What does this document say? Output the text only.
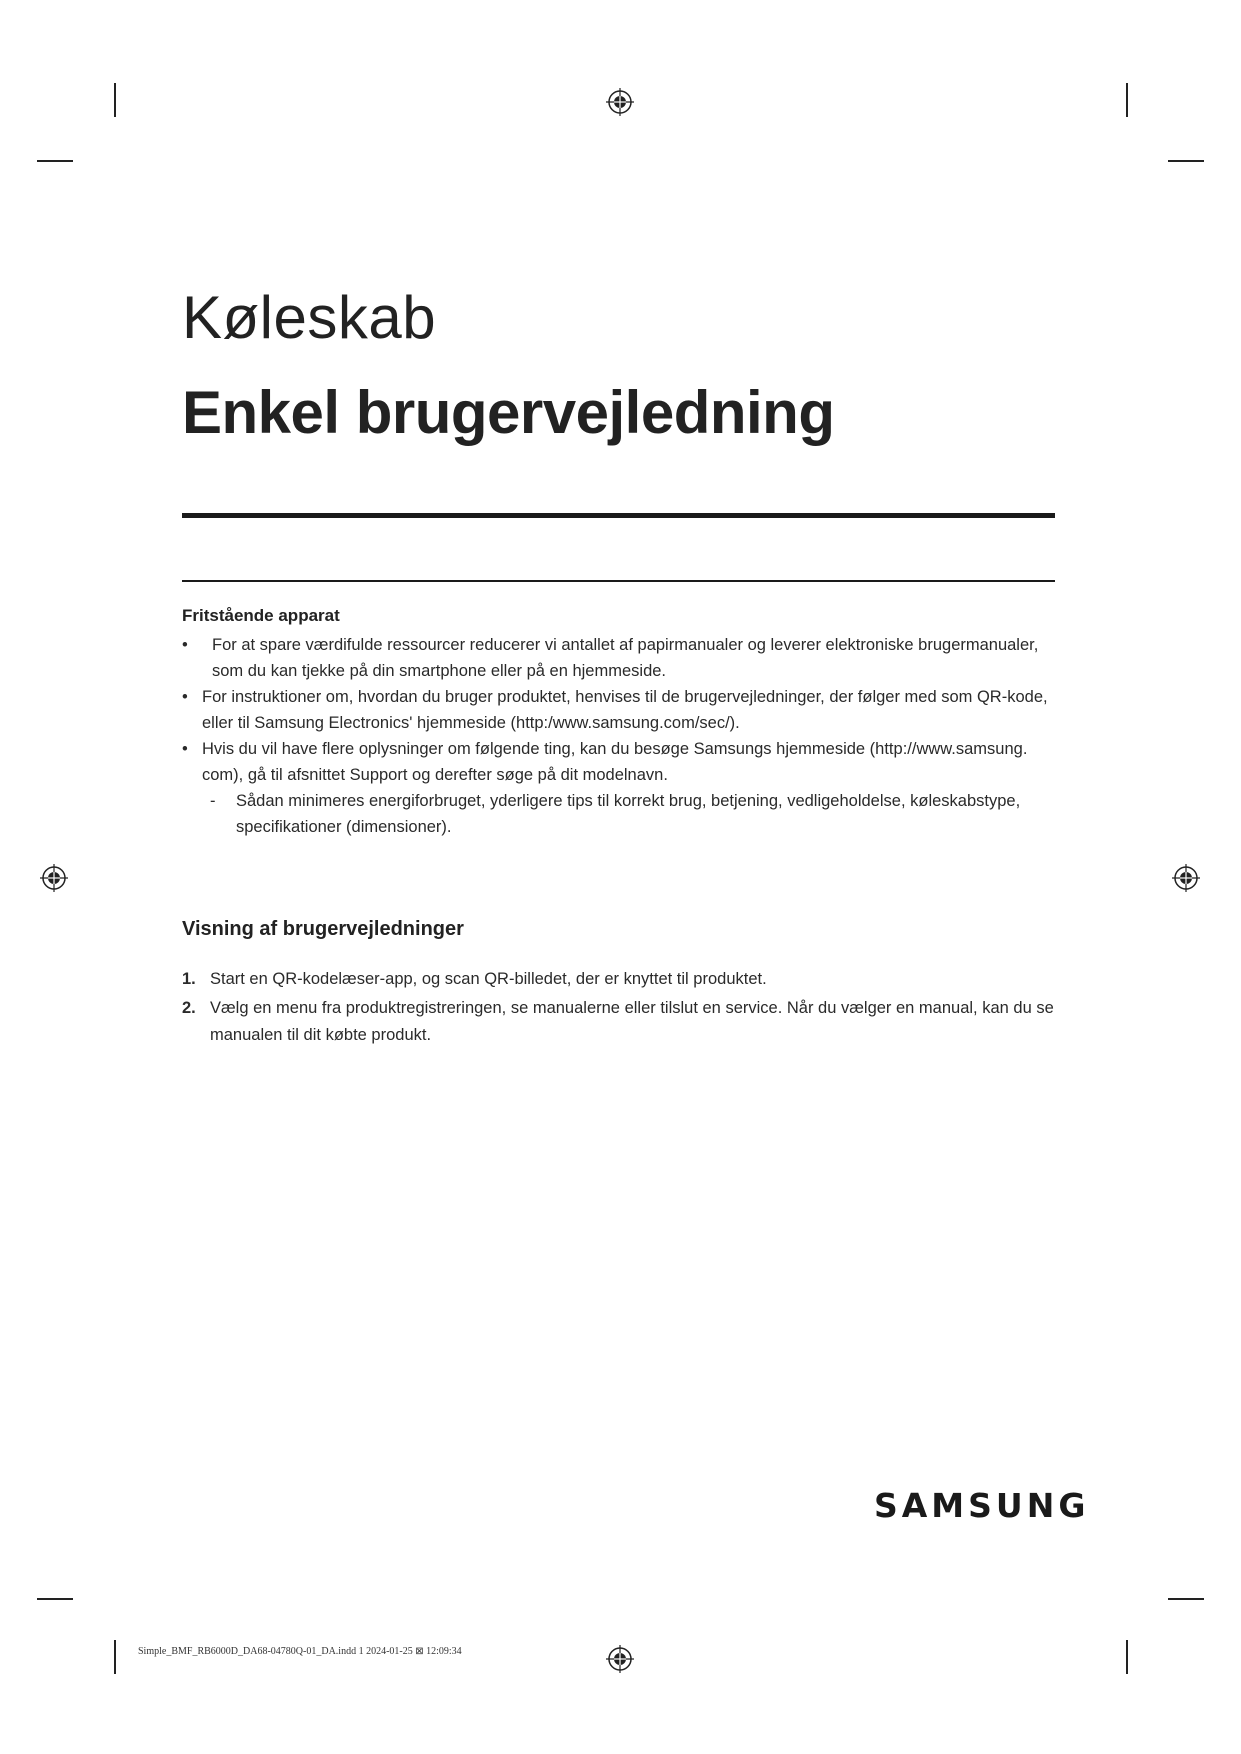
Køleskab
Enkel brugervejledning
Fritstående apparat

• For at spare værdifulde ressourcer reducerer vi antallet af papirmanualer og leverer elektroniske brugermanualer, som du kan tjekke på din smartphone eller på en hjemmeside.

• For instruktioner om, hvordan du bruger produktet, henvises til de brugervejledninger, der følger med som QR-kode, eller til Samsung Electronics' hjemmeside (http:/www.samsung.com/sec/).

• Hvis du vil have flere oplysninger om følgende ting, kan du besøge Samsungs hjemmeside (http://www.samsung. com), gå til afsnittet Support og derefter søge på dit modelnavn.

- Sådan minimeres energiforbruget, yderligere tips til korrekt brug, betjening, vedligeholdelse, køleskabstype, specifikationer (dimensioner).

Visning af brugervejledninger
1. Start en QR-kodelæser-app, og scan QR-billedet, der er knyttet til produktet.
2. Vælg en menu fra produktregistreringen, se manualerne eller tilslut en service. Når du vælger en manual, kan du se manualen til dit købte produkt.
SAMSUNG
Simple_BMF_RB6000D_DA68-04780Q-01_DA.indd 1 2024-01-25 ⊠ 12:09:34
